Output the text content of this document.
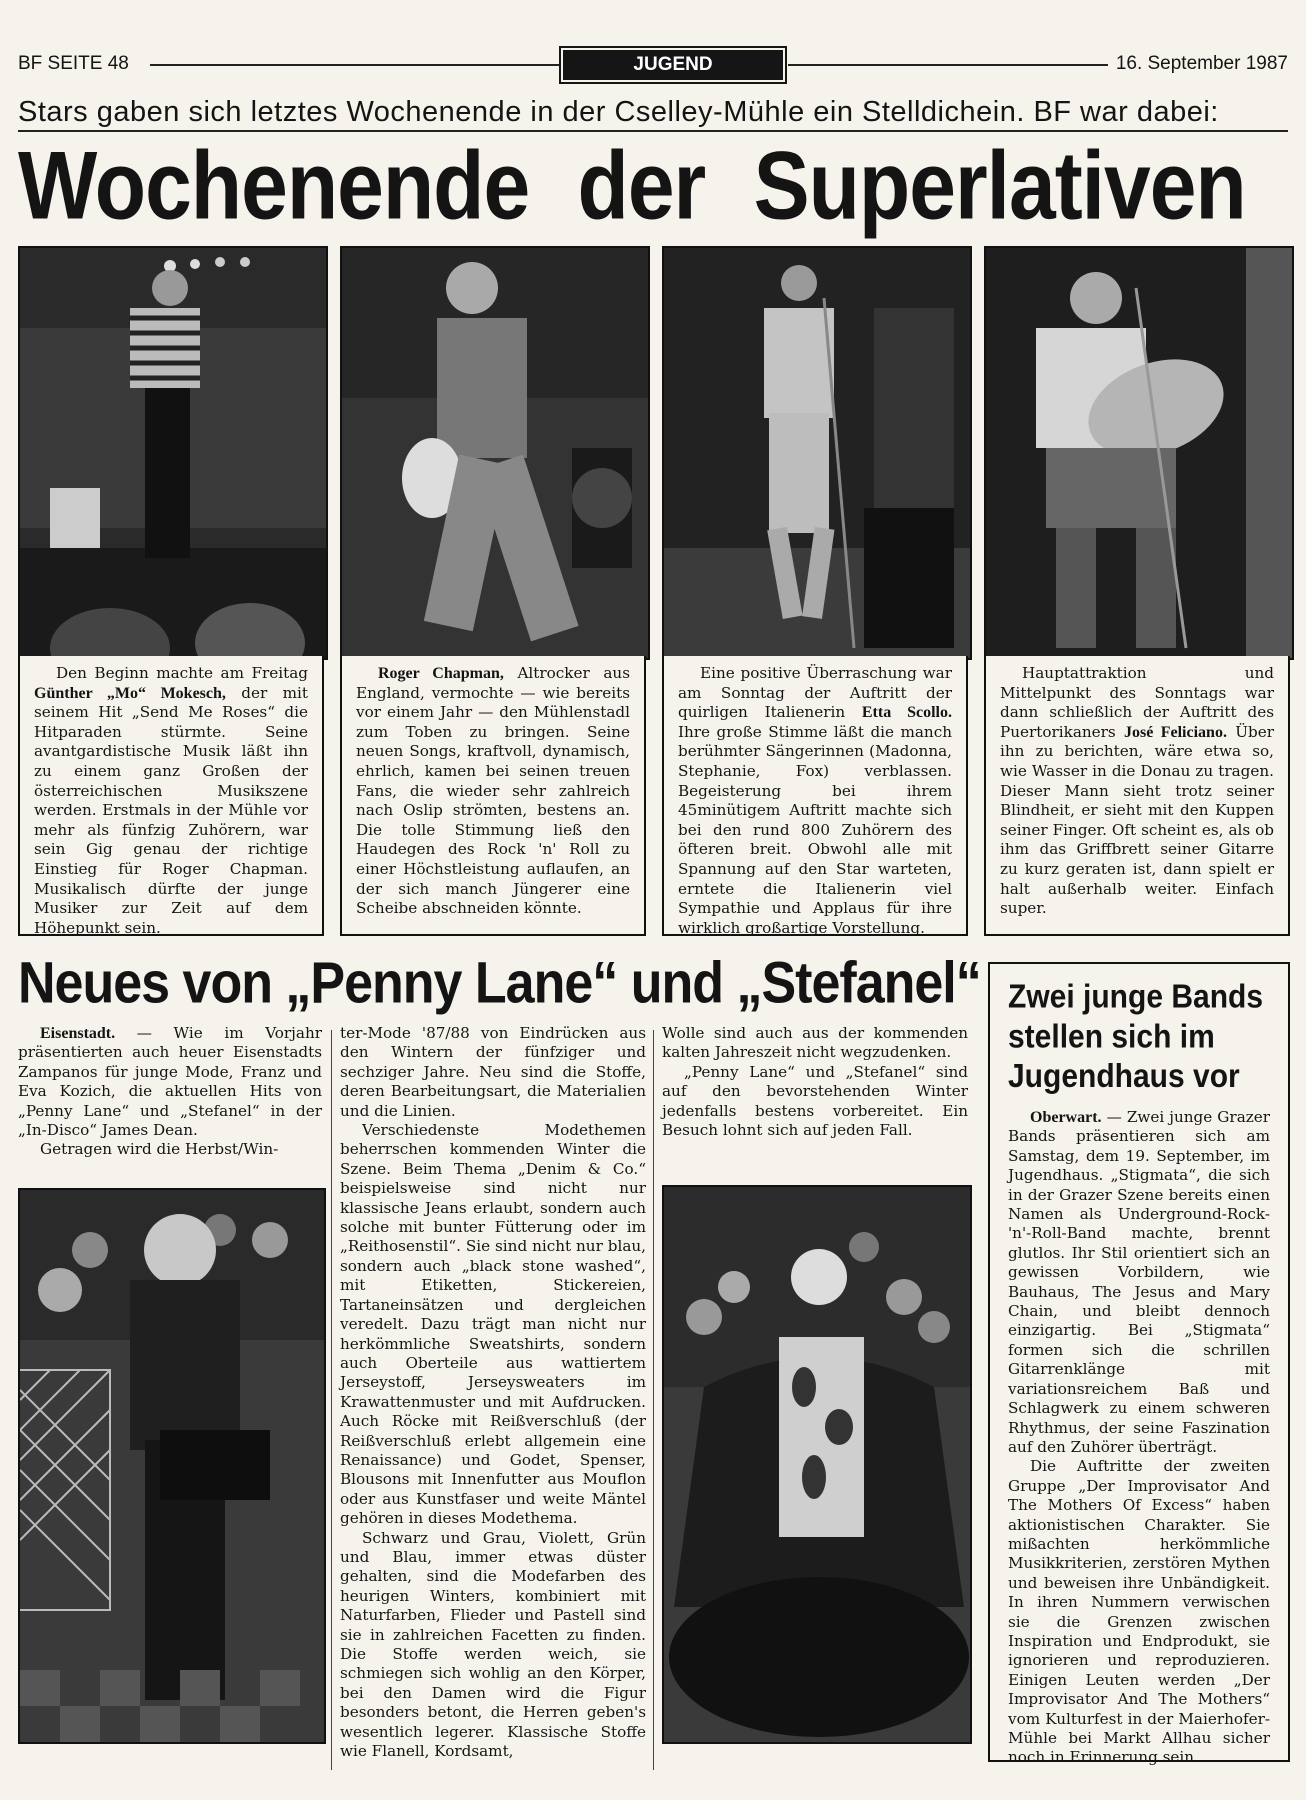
BF SEITE 48	JUGEND	16. September 1987
Stars gaben sich letztes Wochenende in der Cselley-Mühle ein Stelldichein. BF war dabei:
Wochenende der Superlativen
Den Beginn machte am Freitag Günther „Mo“ Mokesch, der mit seinem Hit „Send Me Roses“ die Hitparaden stürmte. Seine avantgardistische Musik läßt ihn zu einem ganz Großen der österreichischen Musikszene werden. Erstmals in der Mühle vor mehr als fünfzig Zuhörern, war sein Gig genau der richtige Einstieg für Roger Chapman. Musikalisch dürfte der junge Musiker zur Zeit auf dem Höhepunkt sein.
Roger Chapman, Altrocker aus England, vermochte — wie bereits vor einem Jahr — den Mühlenstadl zum Toben zu bringen. Seine neuen Songs, kraftvoll, dynamisch, ehrlich, kamen bei seinen treuen Fans, die wieder sehr zahlreich nach Oslip strömten, bestens an. Die tolle Stimmung ließ den Haudegen des Rock 'n' Roll zu einer Höchstleistung auflaufen, an der sich manch Jüngerer eine Scheibe abschneiden könnte.
Eine positive Überraschung war am Sonntag der Auftritt der quirligen Italienerin Etta Scollo. Ihre große Stimme läßt die manch berühmter Sängerinnen (Madonna, Stephanie, Fox) verblassen. Begeisterung bei ihrem 45minütigem Auftritt machte sich bei den rund 800 Zuhörern des öfteren breit. Obwohl alle mit Spannung auf den Star warteten, erntete die Italienerin viel Sympathie und Applaus für ihre wirklich großartige Vorstellung.
Hauptattraktion und Mittelpunkt des Sonntags war dann schließlich der Auftritt des Puertorikaners José Feliciano. Über ihn zu berichten, wäre etwa so, wie Wasser in die Donau zu tragen. Dieser Mann sieht trotz seiner Blindheit, er sieht mit den Kuppen seiner Finger. Oft scheint es, als ob ihm das Griffbrett seiner Gitarre zu kurz geraten ist, dann spielt er halt außerhalb weiter. Einfach super.
Neues von „Penny Lane“ und „Stefanel“
Eisenstadt. — Wie im Vorjahr präsentierten auch heuer Eisenstadts Zampanos für junge Mode, Franz und Eva Kozich, die aktuellen Hits von „Penny Lane“ und „Stefanel“ in der „In-Disco“ James Dean.
Getragen wird die Herbst/Win-
ter-Mode '87/88 von Eindrücken aus den Wintern der fünfziger und sechziger Jahre. Neu sind die Stoffe, deren Bearbeitungsart, die Materialien und die Linien.
Verschiedenste Modethemen beherrschen kommenden Winter die Szene. Beim Thema „Denim & Co.“ beispielsweise sind nicht nur klassische Jeans erlaubt, sondern auch solche mit bunter Fütterung oder im „Reithosenstil“. Sie sind nicht nur blau, sondern auch „black stone washed“, mit Etiketten, Stickereien, Tartaneinsätzen und dergleichen veredelt. Dazu trägt man nicht nur herkömmliche Sweatshirts, sondern auch Oberteile aus wattiertem Jerseystoff, Jerseysweaters im Krawattenmuster und mit Aufdrucken. Auch Röcke mit Reißverschluß (der Reißverschluß erlebt allgemein eine Renaissance) und Godet, Spenser, Blousons mit Innenfutter aus Mouflon oder aus Kunstfaser und weite Mäntel gehören in dieses Modethema.
Schwarz und Grau, Violett, Grün und Blau, immer etwas düster gehalten, sind die Modefarben des heurigen Winters, kombiniert mit Naturfarben, Flieder und Pastell sind sie in zahlreichen Facetten zu finden. Die Stoffe werden weich, sie schmiegen sich wohlig an den Körper, bei den Damen wird die Figur besonders betont, die Herren geben's wesentlich legerer. Klassische Stoffe wie Flanell, Kordsamt,
Wolle sind auch aus der kommenden kalten Jahreszeit nicht wegzudenken.
„Penny Lane“ und „Stefanel“ sind auf den bevorstehenden Winter jedenfalls bestens vorbereitet. Ein Besuch lohnt sich auf jeden Fall.
Zwei junge Bands stellen sich im Jugendhaus vor
Oberwart. — Zwei junge Grazer Bands präsentieren sich am Samstag, dem 19. September, im Jugendhaus. „Stigmata“, die sich in der Grazer Szene bereits einen Namen als Underground-Rock-'n'-Roll-Band machte, brennt glutlos. Ihr Stil orientiert sich an gewissen Vorbildern, wie Bauhaus, The Jesus and Mary Chain, und bleibt dennoch einzigartig. Bei „Stigmata“ formen sich die schrillen Gitarrenklänge mit variationsreichem Baß und Schlagwerk zu einem schweren Rhythmus, der seine Faszination auf den Zuhörer überträgt.
Die Auftritte der zweiten Gruppe „Der Improvisator And The Mothers Of Excess“ haben aktionistischen Charakter. Sie mißachten herkömmliche Musikkriterien, zerstören Mythen und beweisen ihre Unbändigkeit. In ihren Nummern verwischen sie die Grenzen zwischen Inspiration und Endprodukt, sie ignorieren und reproduzieren. Einigen Leuten werden „Der Improvisator And The Mothers“ vom Kulturfest in der Maierhofer-Mühle bei Markt Allhau sicher noch in Erinnerung sein.
